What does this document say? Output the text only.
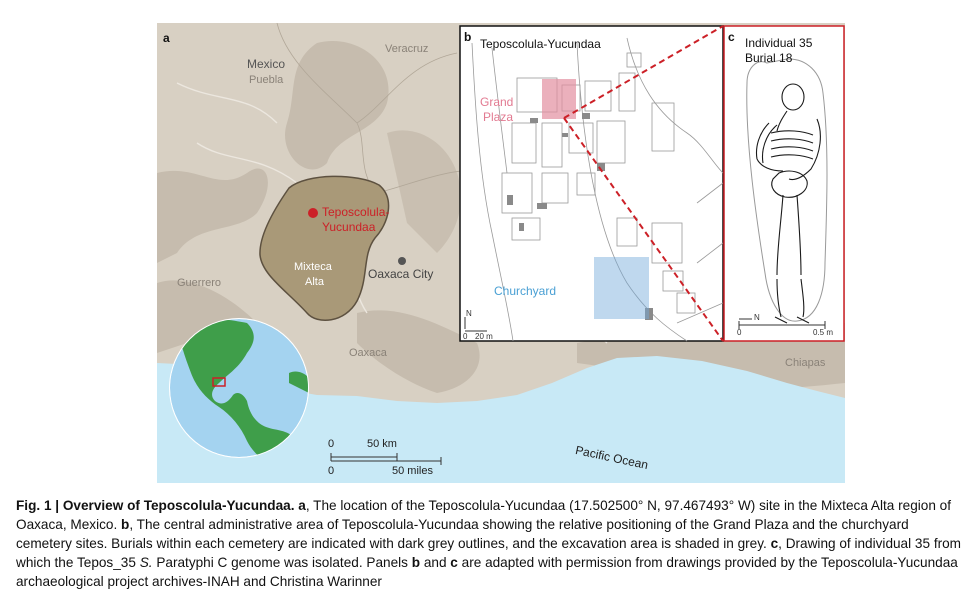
a
Mexico
Puebla
Veracruz
Teposcolula-
Yucundaa
Mixteca
Alta
Oaxaca City
Guerrero
Oaxaca
Chiapas
Pacific Ocean
0	50 km
0	50 miles
b Teposcolula-Yucundaa
Grand
Plaza
Churchyard
N
0 20 m
c Individual 35
Burial 18
N
0	0.5 m
Fig. 1 | Overview of Teposcolula-Yucundaa. a, The location of the Teposcolula-Yucundaa (17.502500° N, 97.467493° W) site in the Mixteca Alta region of Oaxaca, Mexico. b, The central administrative area of Teposcolula-Yucundaa showing the relative positioning of the Grand Plaza and the churchyard cemetery sites. Burials within each cemetery are indicated with dark grey outlines, and the excavation area is shaded in grey. c, Drawing of individual 35 from which the Tepos_35 S. Paratyphi C genome was isolated. Panels b and c are adapted with permission from drawings provided by the Teposcolula-Yucundaa archaeological project archives-INAH and Christina Warinner
